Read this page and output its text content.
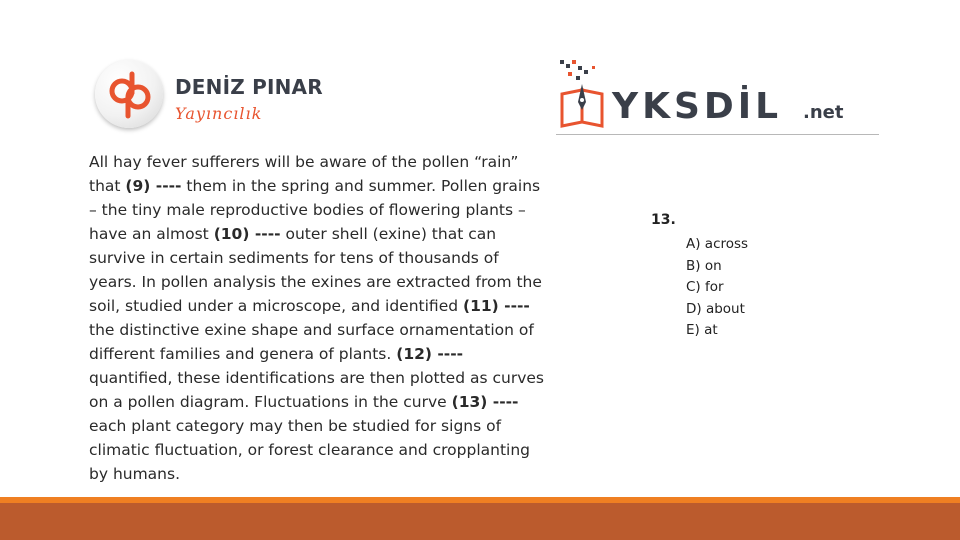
DENİZ PINAR
Yayıncılık	YKSDİL .net

All hay fever sufferers will be aware of the pollen “rain” that (9) ---- them in the spring and summer. Pollen grains – the tiny male reproductive bodies of flowering plants – have an almost (10) ---- outer shell (exine) that can survive in certain sediments for tens of thousands of years. In pollen analysis the exines are extracted from the soil, studied under a microscope, and identified (11) ---- the distinctive exine shape and surface ornamentation of different families and genera of plants. (12) ---- quantified, these identifications are then plotted as curves on a pollen diagram. Fluctuations in the curve (13) ---- each plant category may then be studied for signs of climatic fluctuation, or forest clearance and cropplanting by humans.

13.
A) across
B) on
C) for
D) about
E) at
